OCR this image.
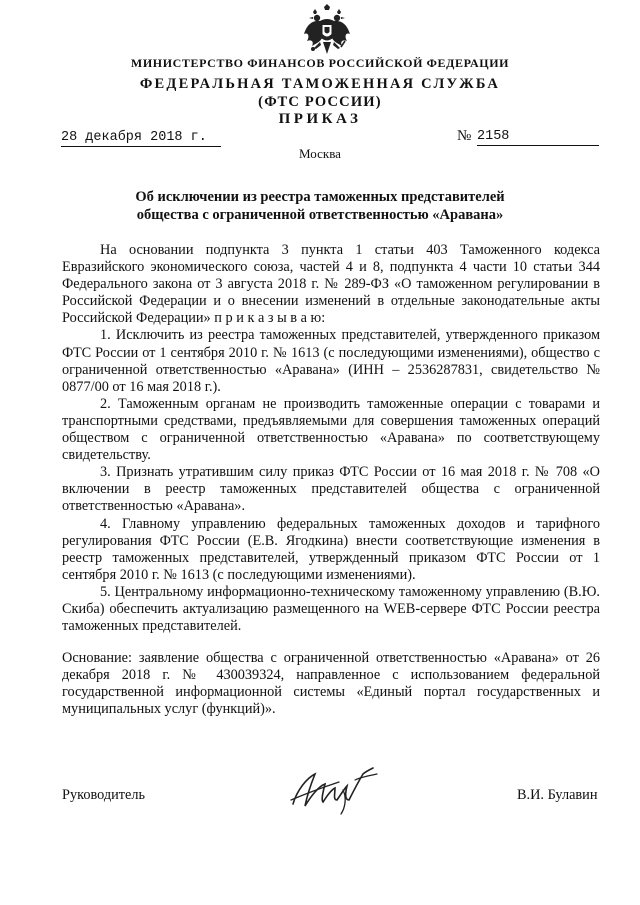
МИНИСТЕРСТВО ФИНАНСОВ РОССИЙСКОЙ ФЕДЕРАЦИИ
ФЕДЕРАЛЬНАЯ ТАМОЖЕННАЯ СЛУЖБА
(ФТС РОССИИ)
ПРИКАЗ
28 декабря 2018 г.	№ 2158
Москва
Об исключении из реестра таможенных представителей
общества с ограниченной ответственностью «Аравана»

На основании подпункта 3 пункта 1 статьи 403 Таможенного кодекса Евразийского экономического союза, частей 4 и 8, подпункта 4 части 10 статьи 344 Федерального закона от 3 августа 2018 г. № 289-ФЗ «О таможенном регулировании в Российской Федерации и о внесении изменений в отдельные законодательные акты Российской Федерации» п р и к а з ы в а ю:

1. Исключить из реестра таможенных представителей, утвержденного приказом ФТС России от 1 сентября 2010 г. № 1613 (с последующими изменениями), общество с ограниченной ответственностью «Аравана» (ИНН – 2536287831, свидетельство № 0877/00 от 16 мая 2018 г.).

2. Таможенным органам не производить таможенные операции с товарами и транспортными средствами, предъявляемыми для совершения таможенных операций обществом с ограниченной ответственностью «Аравана» по соответствующему свидетельству.

3. Признать утратившим силу приказ ФТС России от 16 мая 2018 г. № 708 «О включении в реестр таможенных представителей общества с ограниченной ответственностью «Аравана».

4. Главному управлению федеральных таможенных доходов и тарифного регулирования ФТС России (Е.В. Ягодкина) внести соответствующие изменения в реестр таможенных представителей, утвержденный приказом ФТС России от 1 сентября 2010 г. № 1613 (с последующими изменениями).

5. Центральному информационно-техническому таможенному управлению (В.Ю. Скиба) обеспечить актуализацию размещенного на WEB-сервере ФТС России реестра таможенных представителей.

Основание: заявление общества с ограниченной ответственностью «Аравана» от 26 декабря 2018 г. № 430039324, направленное с использованием федеральной государственной информационной системы «Единый портал государственных и муниципальных услуг (функций)».

Руководитель	В.И. Булавин
